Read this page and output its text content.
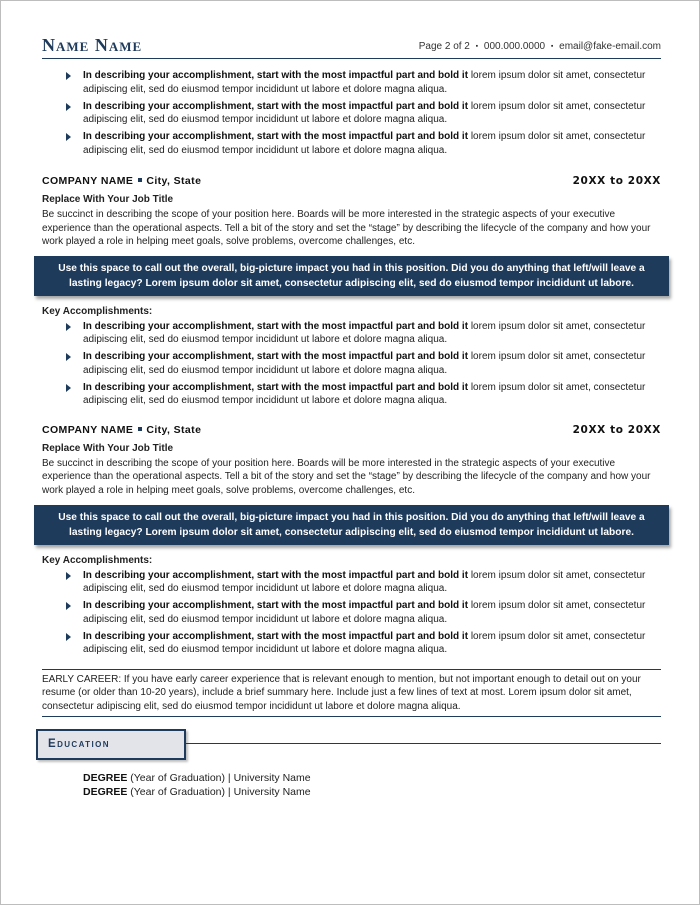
Name Name	Page 2 of 2 ▪ 000.000.0000 ▪ email@fake-email.com
In describing your accomplishment, start with the most impactful part and bold it lorem ipsum dolor sit amet, consectetur adipiscing elit, sed do eiusmod tempor incididunt ut labore et dolore magna aliqua.
In describing your accomplishment, start with the most impactful part and bold it lorem ipsum dolor sit amet, consectetur adipiscing elit, sed do eiusmod tempor incididunt ut labore et dolore magna aliqua.
In describing your accomplishment, start with the most impactful part and bold it lorem ipsum dolor sit amet, consectetur adipiscing elit, sed do eiusmod tempor incididunt ut labore et dolore magna aliqua.
COMPANY NAME City, State	20XX to 20XX
Replace With Your Job Title
Be succinct in describing the scope of your position here. Boards will be more interested in the strategic aspects of your executive experience than the operational aspects. Tell a bit of the story and set the “stage” by describing the lifecycle of the company and how your work played a role in helping meet goals, solve problems, overcome challenges, etc.
Use this space to call out the overall, big-picture impact you had in this position. Did you do anything that left/will leave a lasting legacy? Lorem ipsum dolor sit amet, consectetur adipiscing elit, sed do eiusmod tempor incididunt ut labore.
Key Accomplishments:
In describing your accomplishment, start with the most impactful part and bold it lorem ipsum dolor sit amet, consectetur adipiscing elit, sed do eiusmod tempor incididunt ut labore et dolore magna aliqua.
In describing your accomplishment, start with the most impactful part and bold it lorem ipsum dolor sit amet, consectetur adipiscing elit, sed do eiusmod tempor incididunt ut labore et dolore magna aliqua.
In describing your accomplishment, start with the most impactful part and bold it lorem ipsum dolor sit amet, consectetur adipiscing elit, sed do eiusmod tempor incididunt ut labore et dolore magna aliqua.
COMPANY NAME City, State	20XX to 20XX
Replace With Your Job Title
Be succinct in describing the scope of your position here. Boards will be more interested in the strategic aspects of your executive experience than the operational aspects. Tell a bit of the story and set the “stage” by describing the lifecycle of the company and how your work played a role in helping meet goals, solve problems, overcome challenges, etc.
Use this space to call out the overall, big-picture impact you had in this position. Did you do anything that left/will leave a lasting legacy? Lorem ipsum dolor sit amet, consectetur adipiscing elit, sed do eiusmod tempor incididunt ut labore.
Key Accomplishments:
In describing your accomplishment, start with the most impactful part and bold it lorem ipsum dolor sit amet, consectetur adipiscing elit, sed do eiusmod tempor incididunt ut labore et dolore magna aliqua.
In describing your accomplishment, start with the most impactful part and bold it lorem ipsum dolor sit amet, consectetur adipiscing elit, sed do eiusmod tempor incididunt ut labore et dolore magna aliqua.
In describing your accomplishment, start with the most impactful part and bold it lorem ipsum dolor sit amet, consectetur adipiscing elit, sed do eiusmod tempor incididunt ut labore et dolore magna aliqua.
EARLY CAREER: If you have early career experience that is relevant enough to mention, but not important enough to detail out on your resume (or older than 10-20 years), include a brief summary here. Include just a few lines of text at most. Lorem ipsum dolor sit amet, consectetur adipiscing elit, sed do eiusmod tempor incididunt ut labore et dolore magna aliqua.
Education
DEGREE (Year of Graduation) | University Name
DEGREE (Year of Graduation) | University Name
